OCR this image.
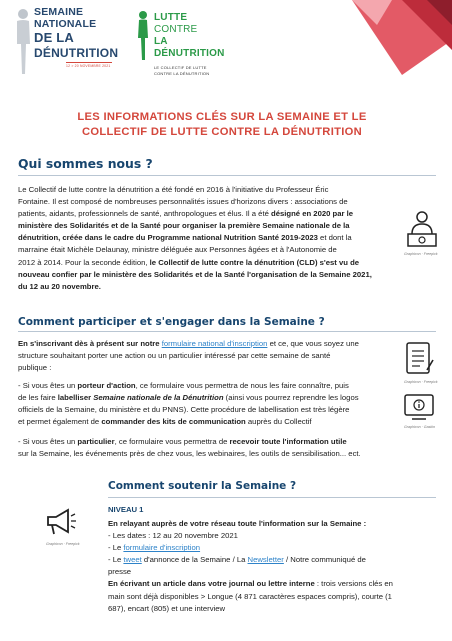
SEMAINE
NATIONALE
DE LA
DÉNUTRITION
12 > 20 NOVEMBRE 2021
LUTTE
CONTRE
LA
DÉNUTRITION
LE COLLECTIF DE LUTTE
CONTRE LA DÉNUTRITION
LES INFORMATIONS CLÉS SUR LA SEMAINE ET LE
COLLECTIF DE LUTTE CONTRE LA DÉNUTRITION
Qui sommes nous ?
Le Collectif de lutte contre la dénutrition a été fondé en 2016 à l'initiative du Professeur Éric
Fontaine. Il est composé de nombreuses personnalités issues d'horizons divers : associations de
patients, aidants, professionnels de santé, anthropologues et élus. Il a été désigné en 2020 par le
ministère des Solidarités et de la Santé pour organiser la première Semaine nationale de la
dénutrition, créée dans le cadre du Programme national Nutrition Santé 2019-2023 et dont la
marraine était Michèle Delaunay, ministre déléguée aux Personnes âgées et à l'Autonomie de
2012 à 2014. Pour la seconde édition, le Collectif de lutte contre la dénutrition (CLD) s'est vu de
nouveau confier par le ministère des Solidarités et de la Santé l'organisation de la Semaine 2021,
du 12 au 20 novembre.
Graphicon · Freepick
Comment participer et s'engager dans la Semaine ?
En s'inscrivant dès à présent sur notre formulaire national d'inscription et ce, que vous soyez une
structure souhaitant porter une action ou un particulier intéressé par cette semaine de santé
publique :
- Si vous êtes un porteur d'action, ce formulaire vous permettra de nous les faire connaître, puis
de les faire labelliser Semaine nationale de la Dénutrition (ainsi vous pourrez reprendre les logos
officiels de la Semaine, du ministère et du PNNS). Cette procédure de labellisation est très légère
et permet également de commander des kits de communication auprès du Collectif
- Si vous êtes un particulier, ce formulaire vous permettra de recevoir toute l'information utile
sur la Semaine, les événements près de chez vous, les webinaires, les outils de sensibilisation... ect.
Graphicon · Freepick
Graphicon · Gaskin
Comment soutenir la Semaine ?
Graphicon · Freepick
NIVEAU 1
En relayant auprès de votre réseau toute l'information sur la Semaine :
- Les dates : 12 au 20 novembre 2021
- Le formulaire d'inscription
- Le tweet d'annonce de la Semaine / La Newsletter / Notre communiqué de
presse
En écrivant un article dans votre journal ou lettre interne : trois versions clés en
main sont déjà disponibles > Longue (4 871 caractères espaces compris), courte (1
687), encart (805) et une interview
